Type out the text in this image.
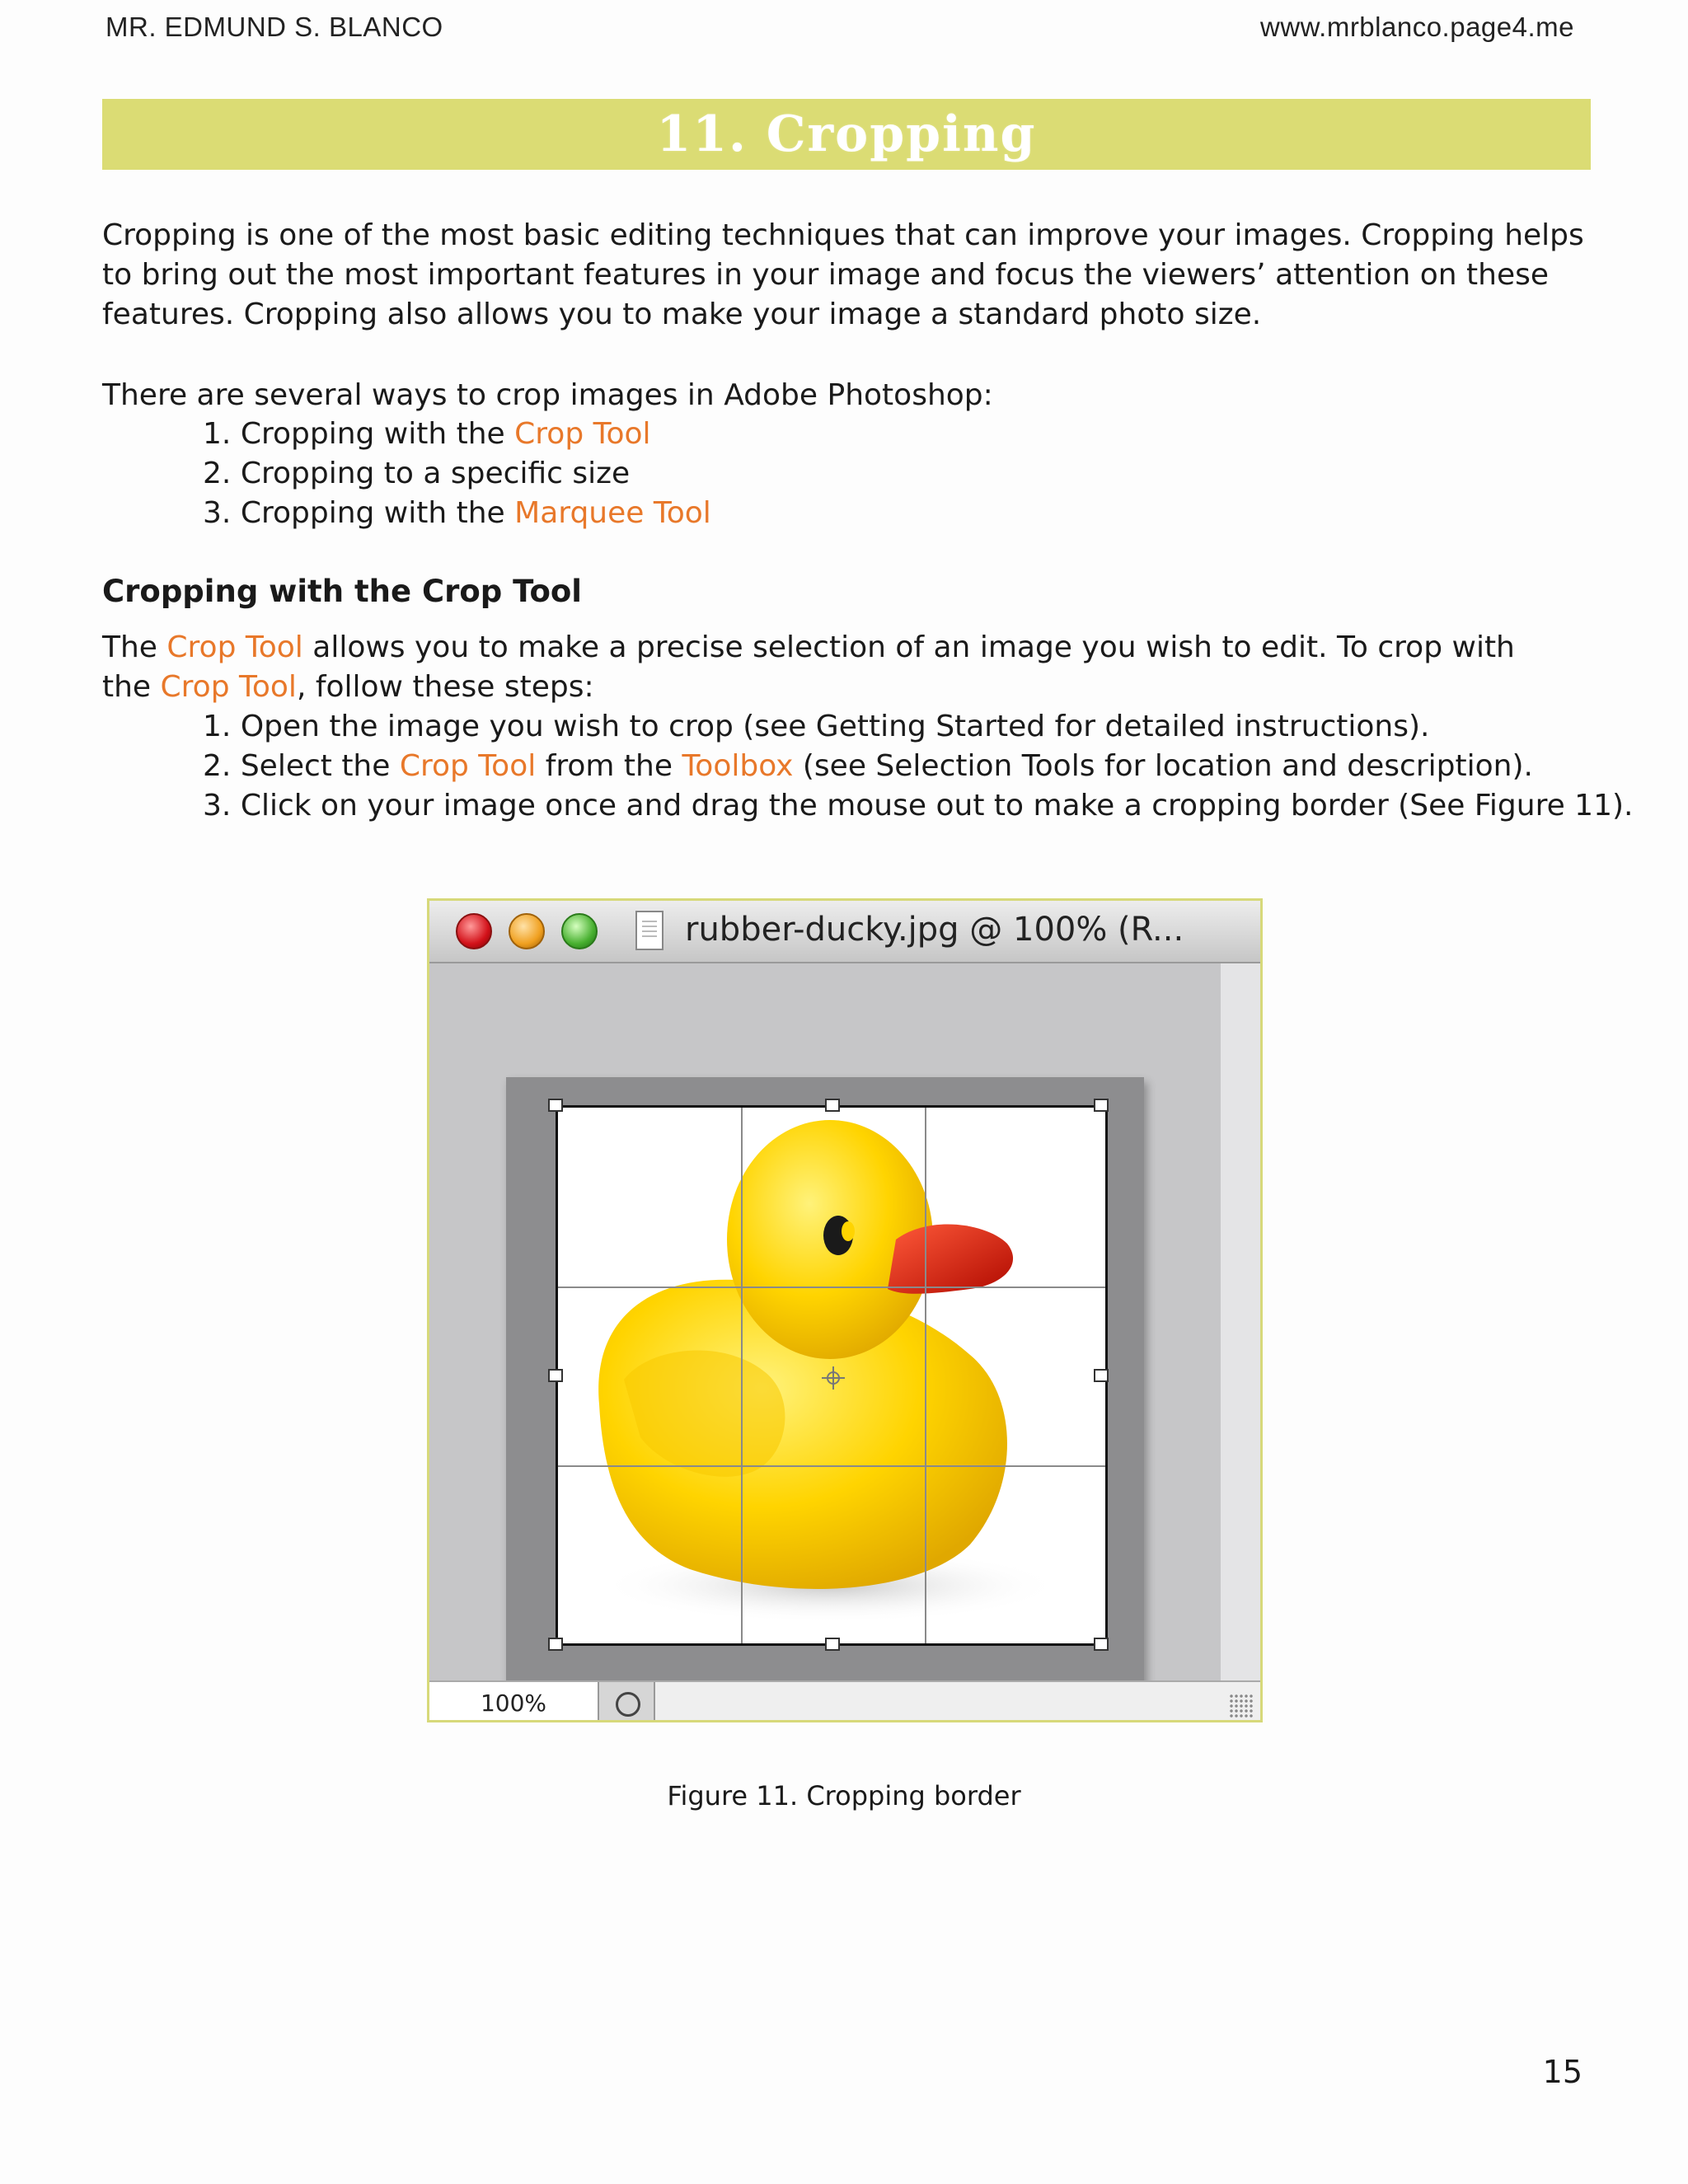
MR. EDMUND S. BLANCO	www.mrblanco.page4.me
11. Cropping
Cropping is one of the most basic editing techniques that can improve your images. Cropping helps to bring out the most important features in your image and focus the viewers’ attention on these features. Cropping also allows you to make your image a standard photo size.
There are several ways to crop images in Adobe Photoshop:
1. Cropping with the Crop Tool
2. Cropping to a specific size
3. Cropping with the Marquee Tool
Cropping with the Crop Tool
The Crop Tool allows you to make a precise selection of an image you wish to edit. To crop with the Crop Tool, follow these steps:
1. Open the image you wish to crop (see Getting Started for detailed instructions).
2. Select the Crop Tool from the Toolbox (see Selection Tools for location and description).
3. Click on your image once and drag the mouse out to make a cropping border (See Figure 11).
rubber-ducky.jpg @ 100% (R...
100%
Figure 11. Cropping border
15
